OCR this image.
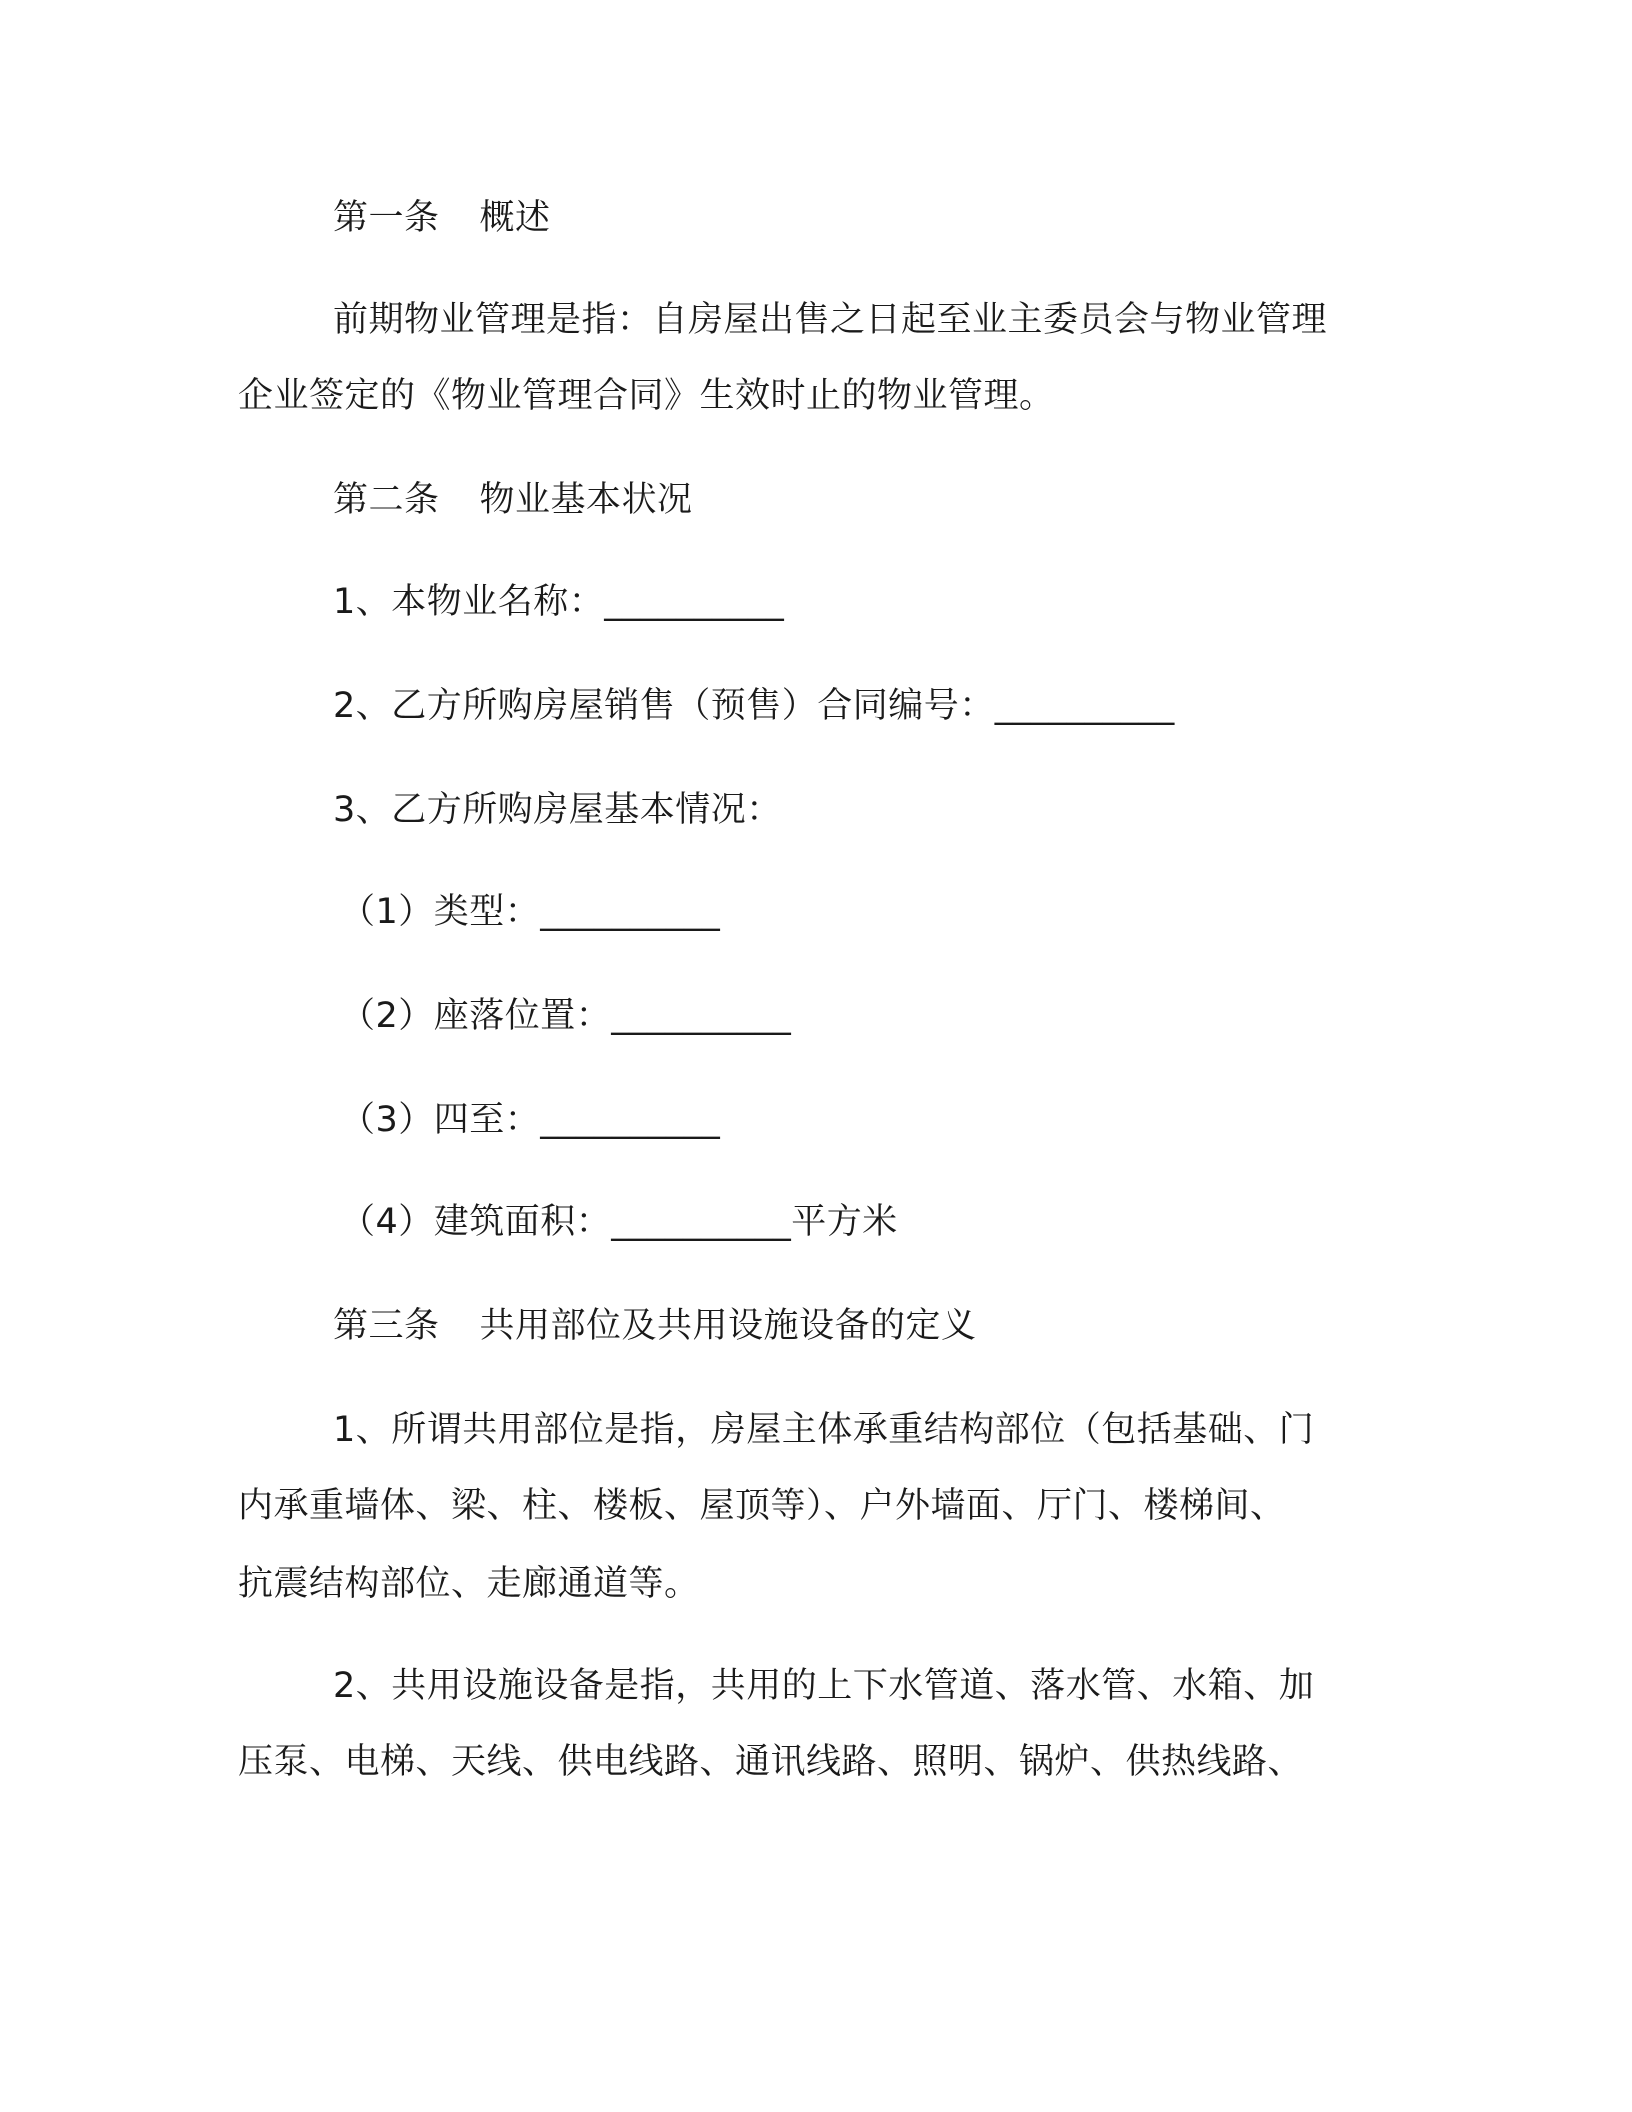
第一条 概述
前期物业管理是指：自房屋出售之日起至业主委员会与物业管理
企业签定的《物业管理合同》生效时止的物业管理。
第二条 物业基本状况
1、本物业名称：__________
2、乙方所购房屋销售（预售）合同编号：__________
3、乙方所购房屋基本情况：
（1）类型：__________
（2）座落位置：__________
（3）四至：__________
（4）建筑面积：__________平方米
第三条 共用部位及共用设施设备的定义
1、所谓共用部位是指，房屋主体承重结构部位（包括基础、门
内承重墙体、梁、柱、楼板、屋顶等）、户外墙面、厅门、楼梯间、
抗震结构部位、走廊通道等。
2、共用设施设备是指，共用的上下水管道、落水管、水箱、加
压泵、电梯、天线、供电线路、通讯线路、照明、锅炉、供热线路、
